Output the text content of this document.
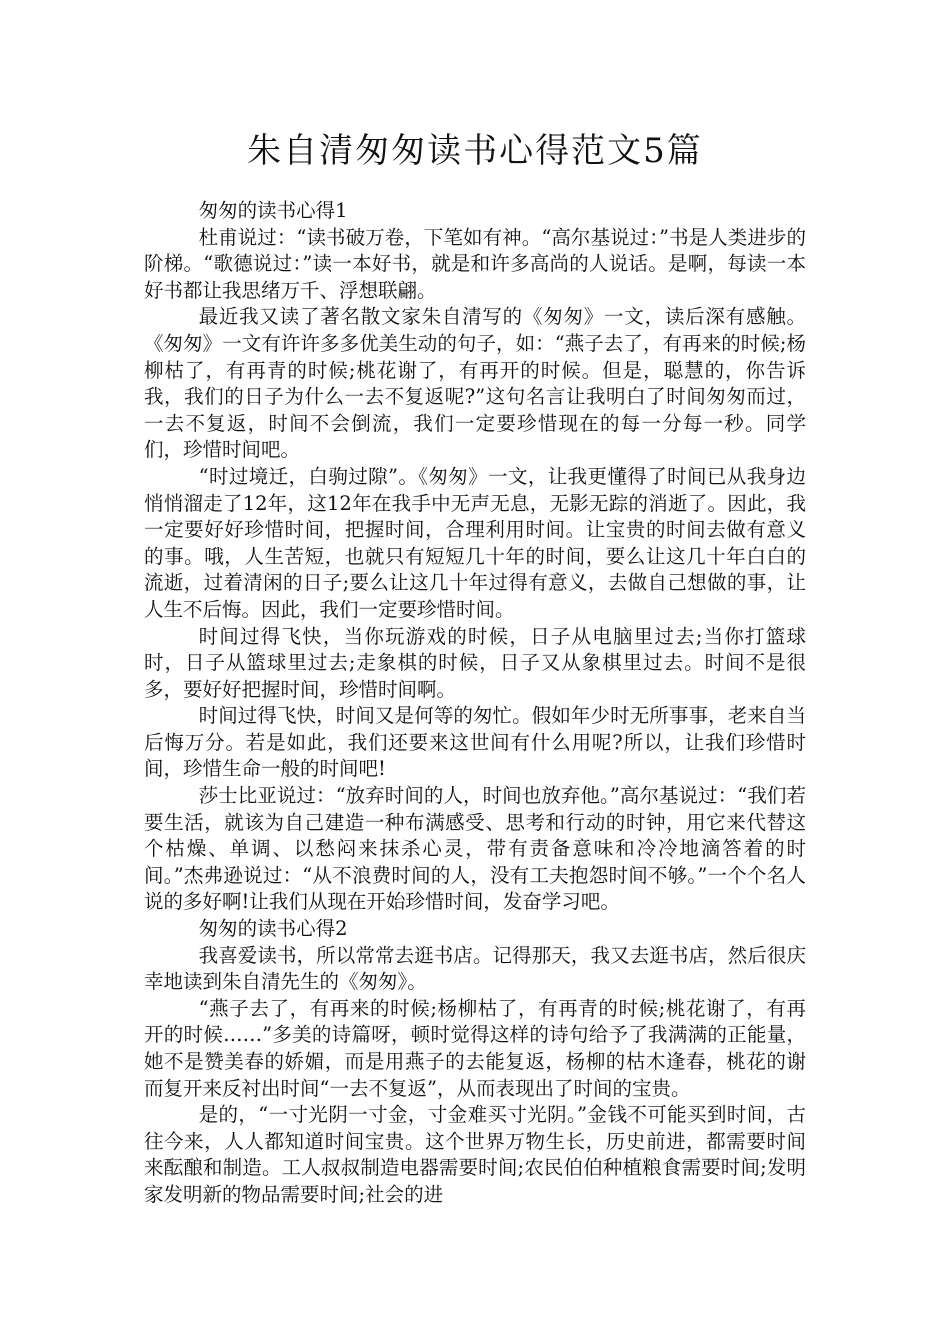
朱自清匆匆读书心得范文5篇

匆匆的读书心得1

杜甫说过：“读书破万卷，下笔如有神。“高尔基说过：”书是人类进步的阶梯。“歌德说过：”读一本好书，就是和许多高尚的人说话。是啊，每读一本好书都让我思绪万千、浮想联翩。

最近我又读了著名散文家朱自清写的《匆匆》一文，读后深有感触。《匆匆》一文有许许多多优美生动的句子，如：“燕子去了，有再来的时候;杨柳枯了，有再青的时候;桃花谢了，有再开的时候。但是，聪慧的，你告诉我，我们的日子为什么一去不复返呢?”这句名言让我明白了时间匆匆而过，一去不复返，时间不会倒流，我们一定要珍惜现在的每一分每一秒。同学们，珍惜时间吧。

“时过境迁，白驹过隙”。《匆匆》一文，让我更懂得了时间已从我身边悄悄溜走了12年，这12年在我手中无声无息，无影无踪的消逝了。因此，我一定要好好珍惜时间，把握时间，合理利用时间。让宝贵的时间去做有意义的事。哦，人生苦短，也就只有短短几十年的时间，要么让这几十年白白的流逝，过着清闲的日子;要么让这几十年过得有意义，去做自己想做的事，让人生不后悔。因此，我们一定要珍惜时间。

时间过得飞快，当你玩游戏的时候，日子从电脑里过去;当你打篮球时，日子从篮球里过去;走象棋的时候，日子又从象棋里过去。时间不是很多，要好好把握时间，珍惜时间啊。

时间过得飞快，时间又是何等的匆忙。假如年少时无所事事，老来自当后悔万分。若是如此，我们还要来这世间有什么用呢?所以，让我们珍惜时间，珍惜生命一般的时间吧!

莎士比亚说过：“放弃时间的人，时间也放弃他。”高尔基说过：“我们若要生活，就该为自己建造一种布满感受、思考和行动的时钟，用它来代替这个枯燥、单调、以愁闷来抹杀心灵，带有责备意味和冷冷地滴答着的时间。”杰弗逊说过：“从不浪费时间的人，没有工夫抱怨时间不够。”一个个名人说的多好啊!让我们从现在开始珍惜时间，发奋学习吧。

匆匆的读书心得2

我喜爱读书，所以常常去逛书店。记得那天，我又去逛书店，然后很庆幸地读到朱自清先生的《匆匆》。

“燕子去了，有再来的时候;杨柳枯了，有再青的时候;桃花谢了，有再开的时候……”多美的诗篇呀，顿时觉得这样的诗句给予了我满满的正能量，她不是赞美春的娇媚，而是用燕子的去能复返，杨柳的枯木逢春，桃花的谢而复开来反衬出时间“一去不复返”，从而表现出了时间的宝贵。

是的，“一寸光阴一寸金，寸金难买寸光阴。”金钱不可能买到时间，古往今来，人人都知道时间宝贵。这个世界万物生长，历史前进，都需要时间来酝酿和制造。工人叔叔制造电器需要时间;农民伯伯种植粮食需要时间;发明家发明新的物品需要时间;社会的进
